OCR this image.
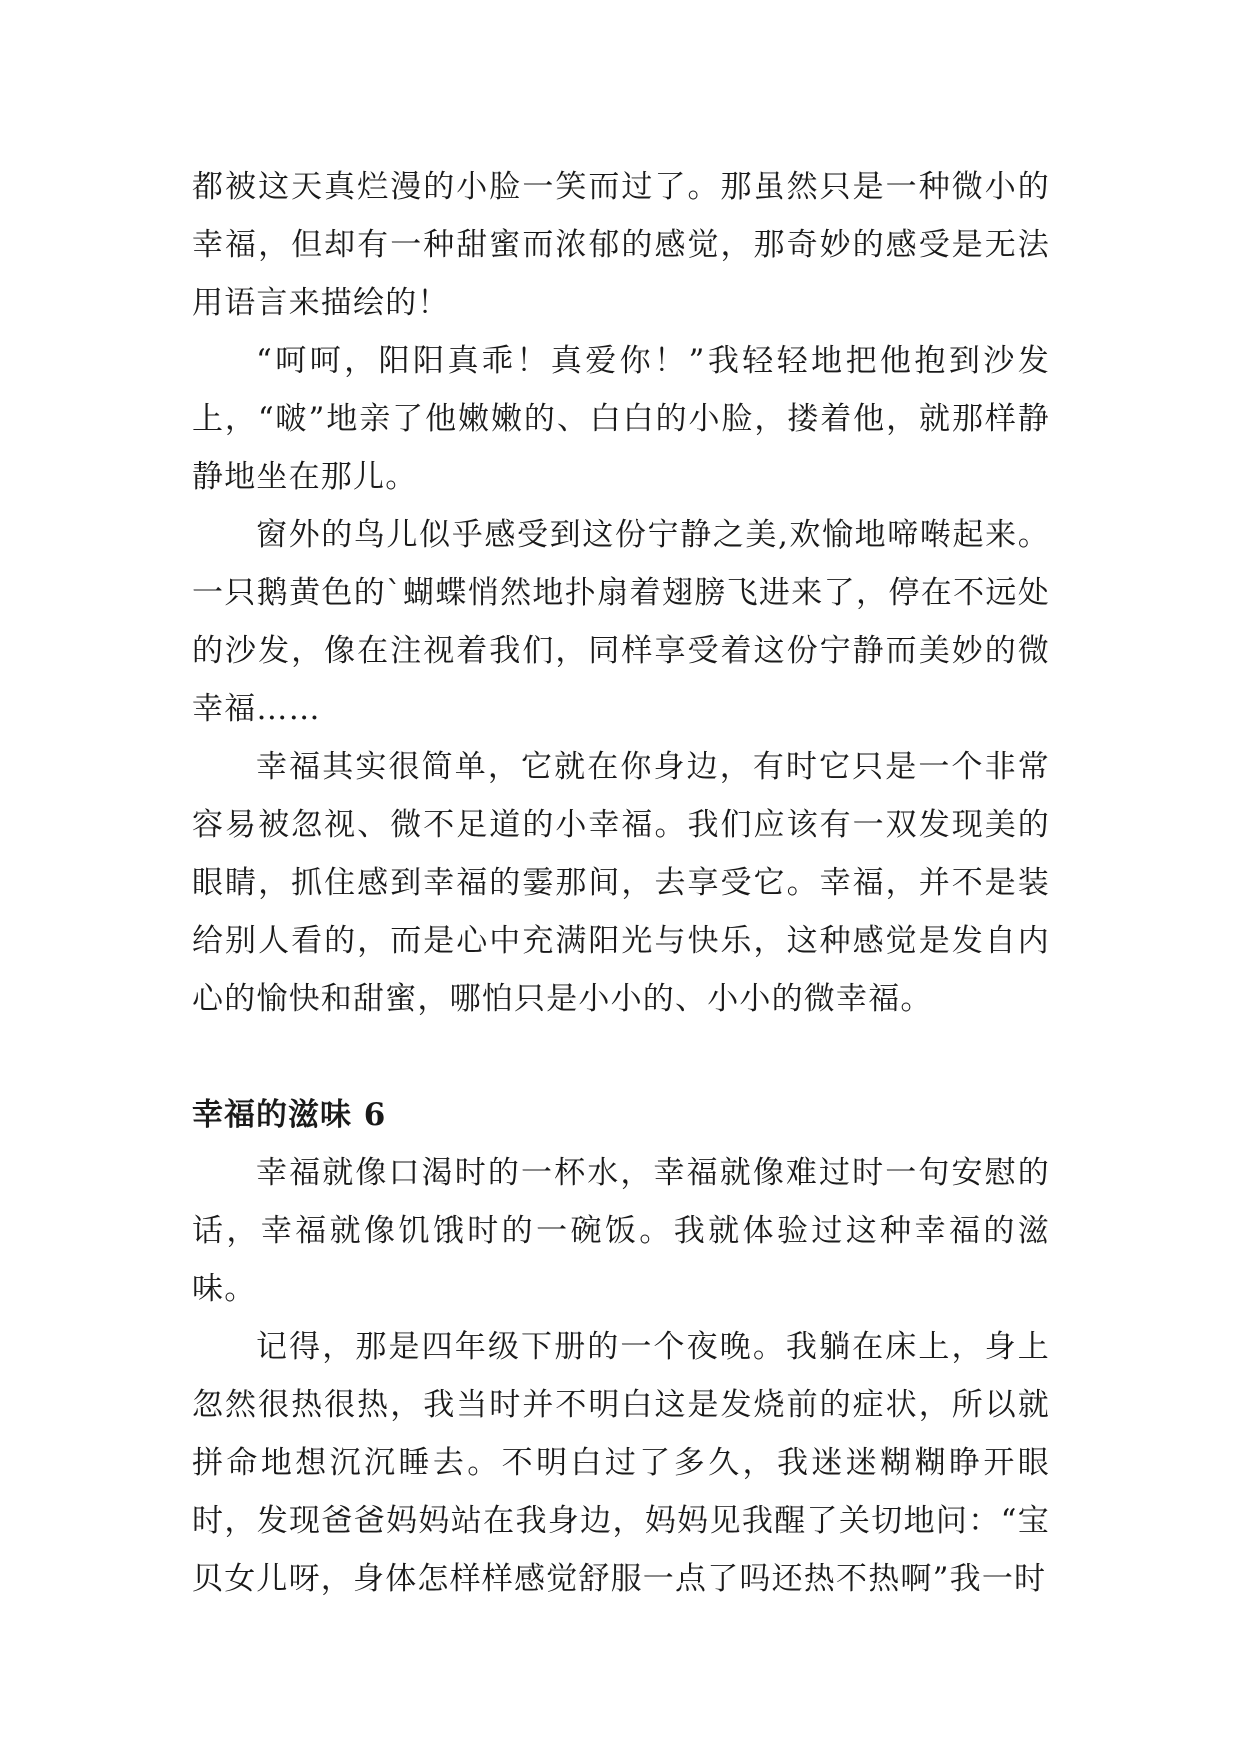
都被这天真烂漫的小脸一笑而过了。那虽然只是一种微小的幸福，但却有一种甜蜜而浓郁的感觉，那奇妙的感受是无法用语言来描绘的！

“呵呵，阳阳真乖！真爱你！”我轻轻地把他抱到沙发上，“啵”地亲了他嫩嫩的、白白的小脸，搂着他，就那样静静地坐在那儿。

窗外的鸟儿似乎感受到这份宁静之美,欢愉地啼啭起来。一只鹅黄色的`蝴蝶悄然地扑扇着翅膀飞进来了，停在不远处的沙发，像在注视着我们，同样享受着这份宁静而美妙的微幸福……

幸福其实很简单，它就在你身边，有时它只是一个非常容易被忽视、微不足道的小幸福。我们应该有一双发现美的眼睛，抓住感到幸福的霎那间，去享受它。幸福，并不是装给别人看的，而是心中充满阳光与快乐，这种感觉是发自内心的愉快和甜蜜，哪怕只是小小的、小小的微幸福。

幸福的滋味 6

幸福就像口渴时的一杯水，幸福就像难过时一句安慰的话，幸福就像饥饿时的一碗饭。我就体验过这种幸福的滋味。

记得，那是四年级下册的一个夜晚。我躺在床上，身上忽然很热很热，我当时并不明白这是发烧前的症状，所以就拼命地想沉沉睡去。不明白过了多久，我迷迷糊糊睁开眼时，发现爸爸妈妈站在我身边，妈妈见我醒了关切地问：“宝贝女儿呀，身体怎样样感觉舒服一点了吗还热不热啊”我一时
